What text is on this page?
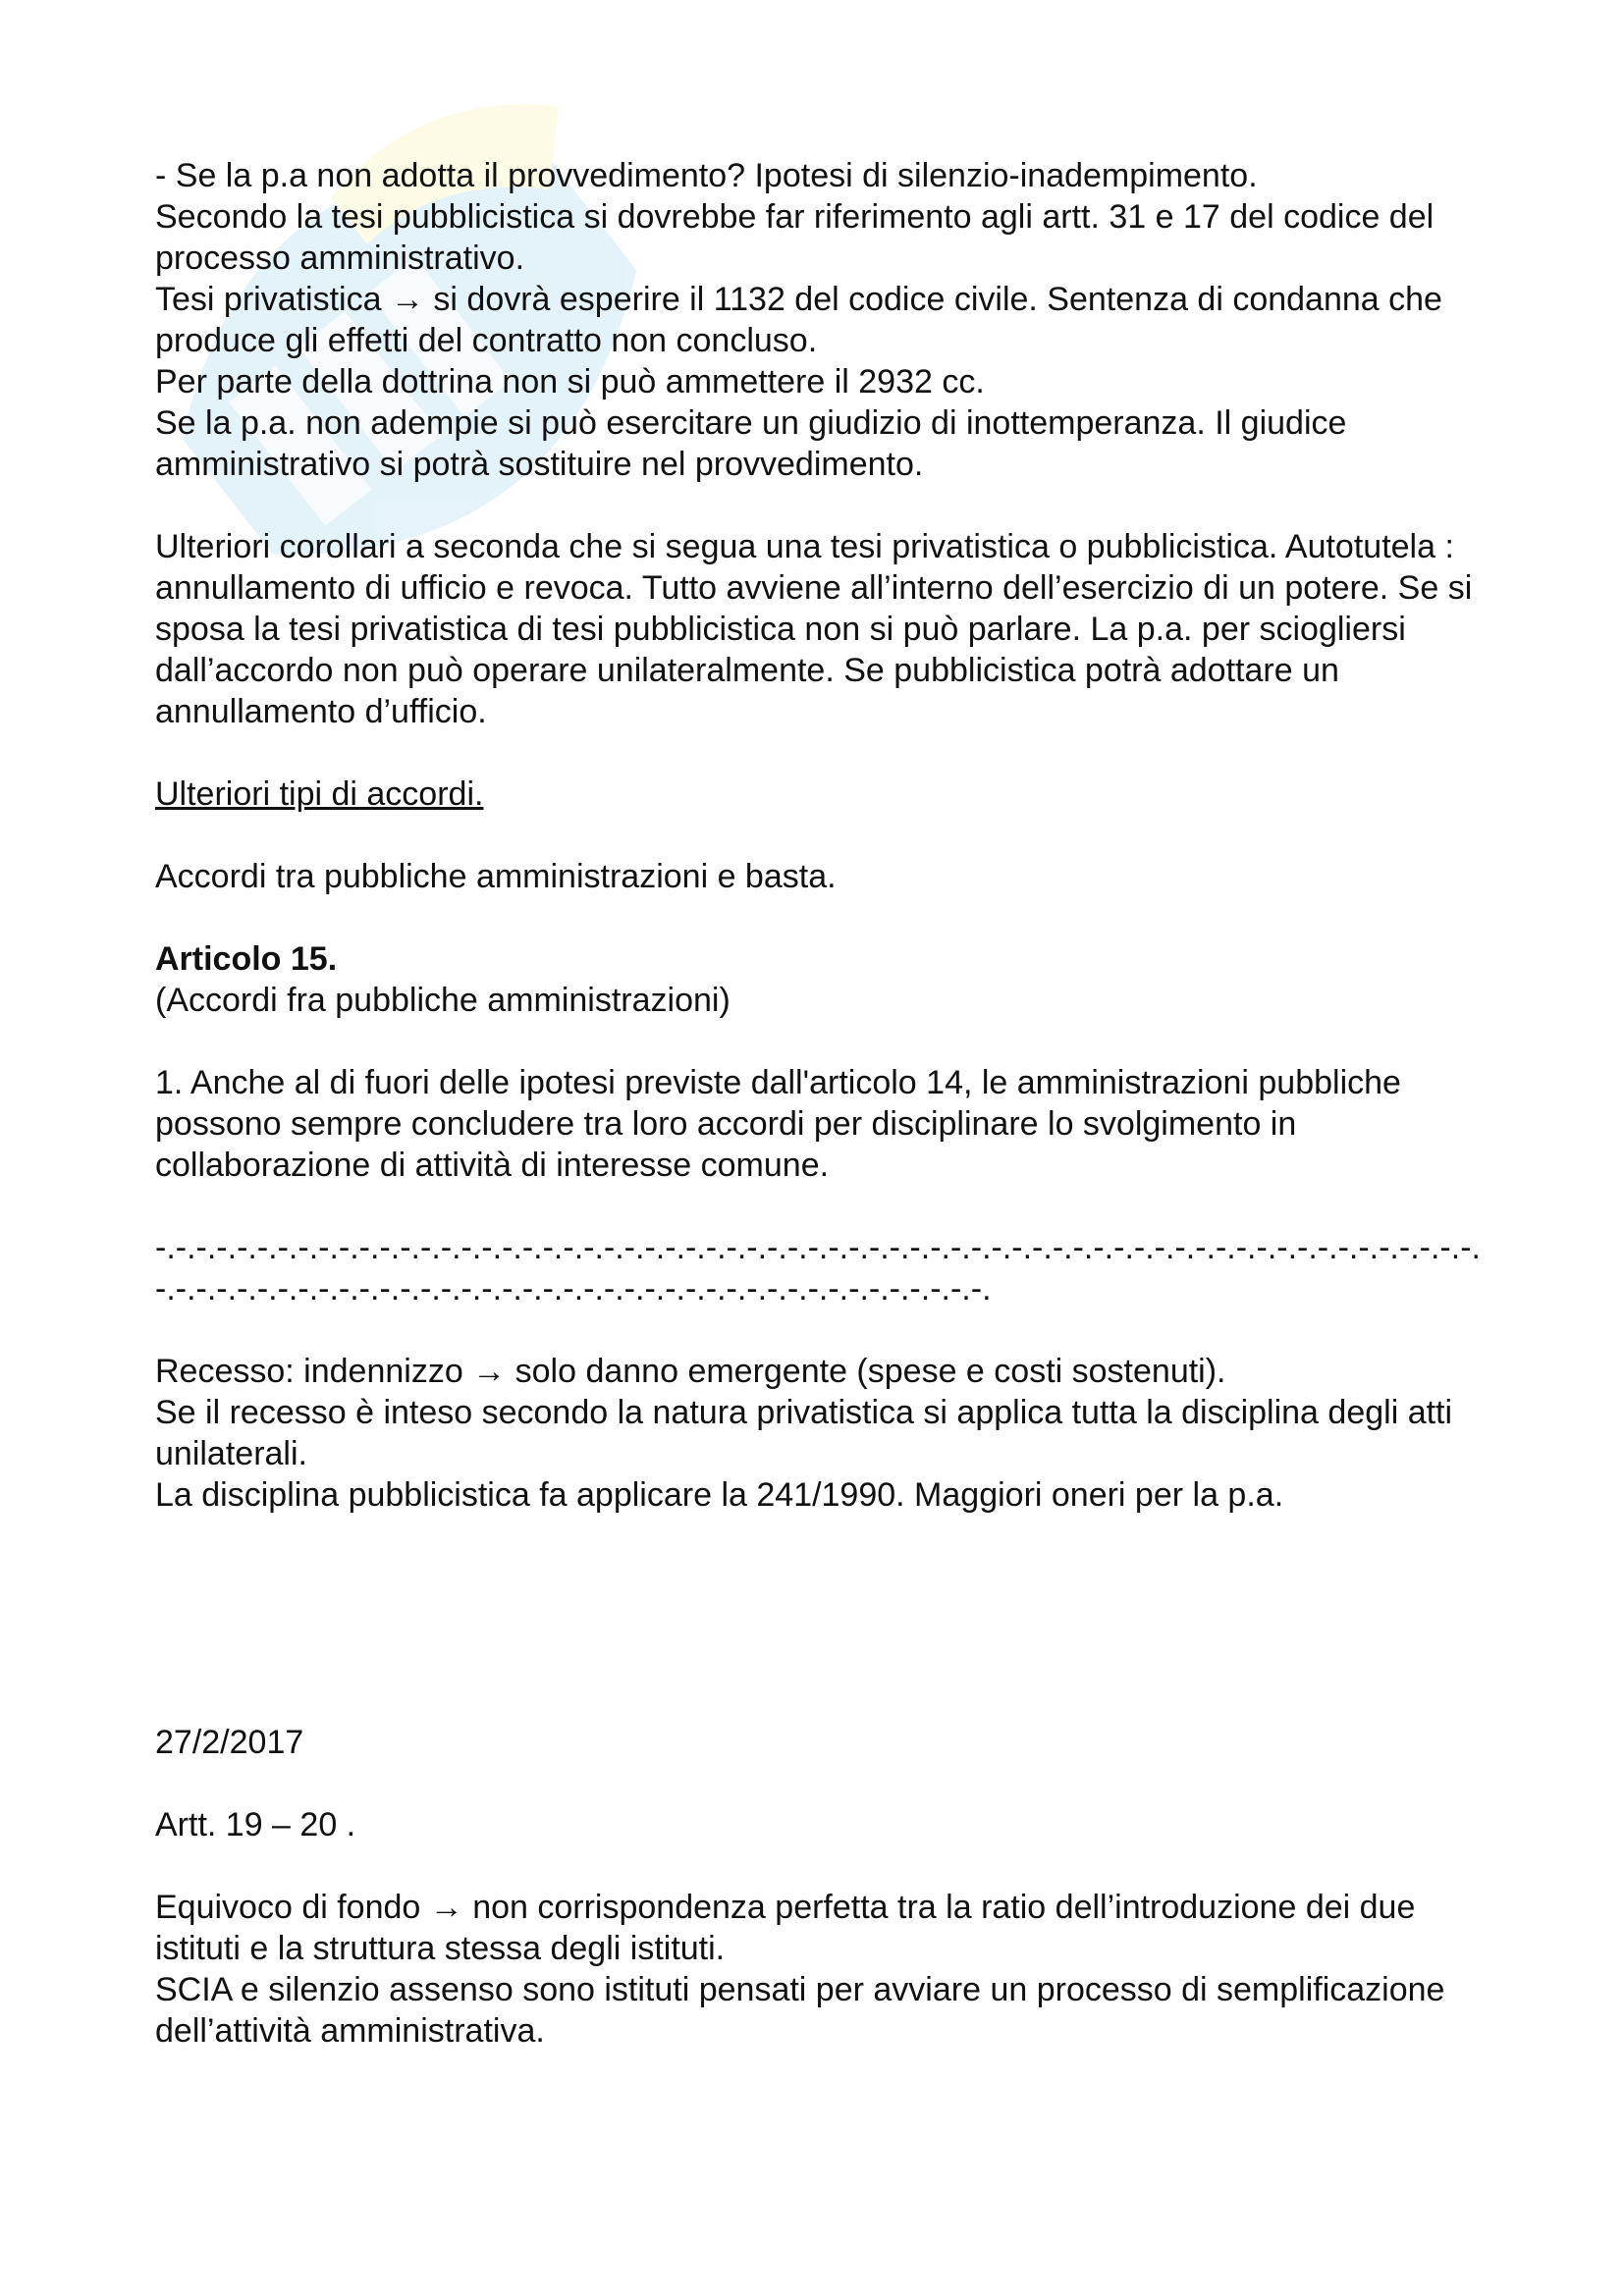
- Se la p.a non adotta il provvedimento? Ipotesi di silenzio-inadempimento.

Secondo la tesi pubblicistica si dovrebbe far riferimento agli artt. 31 e 17 del codice del processo amministrativo.

Tesi privatistica → si dovrà esperire il 1132 del codice civile. Sentenza di condanna che produce gli effetti del contratto non concluso.

Per parte della dottrina non si può ammettere il 2932 cc.

Se la p.a. non adempie si può esercitare un giudizio di inottemperanza. Il giudice amministrativo si potrà sostituire nel provvedimento.

Ulteriori corollari a seconda che si segua una tesi privatistica o pubblicistica. Autotutela : annullamento di ufficio e revoca. Tutto avviene all’interno dell’esercizio di un potere. Se si sposa la tesi privatistica di tesi pubblicistica non si può parlare. La p.a. per sciogliersi dall’accordo non può operare unilateralmente. Se pubblicistica potrà adottare un annullamento d’ufficio.

Ulteriori tipi di accordi.

Accordi tra pubbliche amministrazioni e basta.

Articolo 15.

(Accordi fra pubbliche amministrazioni)

1. Anche al di fuori delle ipotesi previste dall'articolo 14, le amministrazioni pubbliche possono sempre concludere tra loro accordi per disciplinare lo svolgimento in collaborazione di attività di interesse comune.

-.-.-.-.-.-.-.-.-.-.-.-.-.-.-.-.-.-.-.-.-.-.-.-.-.-.-.-.-.-.-.-.-.-.-.-.-.-.-.-.-.-.-.-.-.-.-.-.-.-.-.-.-.-.-.-.-.-.-.-.-.-.-.-.-.-.-.-.-.-.-.-.-.-.-.-.-.-.-.-.-.-.-.-.-.-.-.-.-.-.-.-.-.-.-.-.-.-.-.-.-.-.-.-.-.-.

Recesso: indennizzo → solo danno emergente (spese e costi sostenuti).

Se il recesso è inteso secondo la natura privatistica si applica tutta la disciplina degli atti unilaterali.

La disciplina pubblicistica fa applicare la 241/1990. Maggiori oneri per la p.a.

27/2/2017

Artt. 19 – 20 .

Equivoco di fondo → non corrispondenza perfetta tra la ratio dell’introduzione dei due istituti e la struttura stessa degli istituti.

SCIA e silenzio assenso sono istituti pensati per avviare un processo di semplificazione dell’attività amministrativa.
